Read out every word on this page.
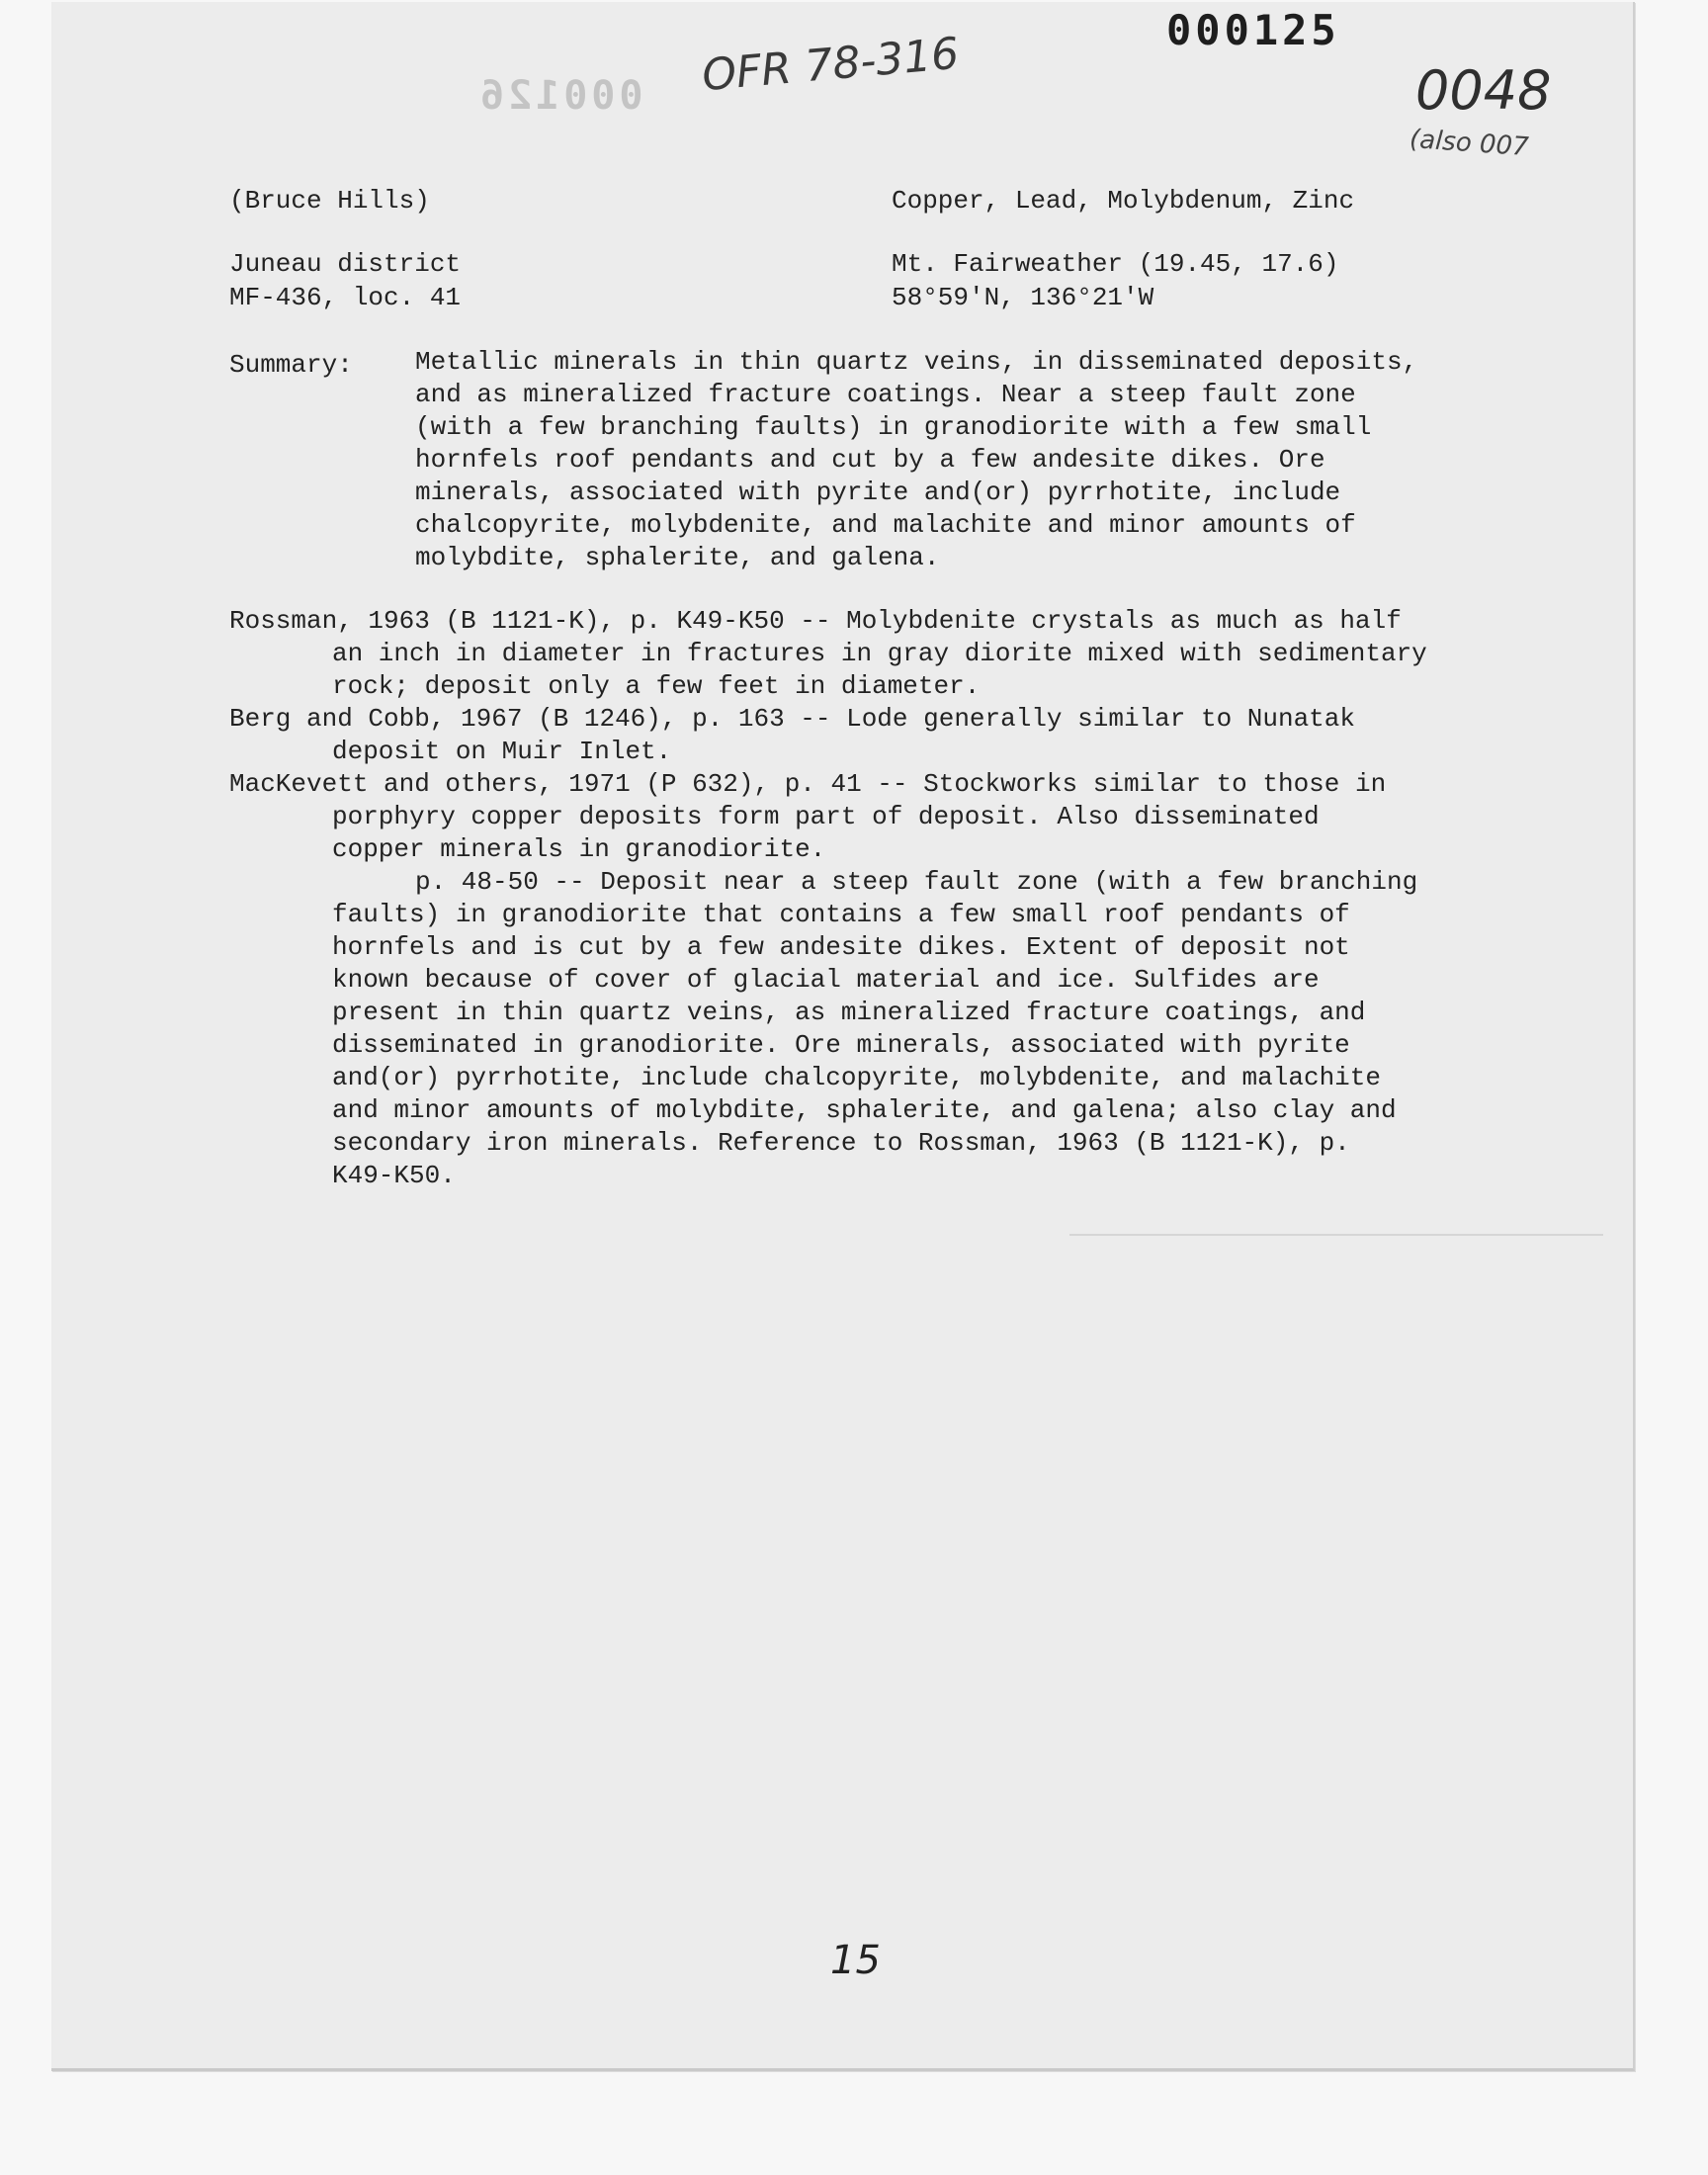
000125
000126 OFR 78-316	0048
(also 007
(Bruce Hills)	Copper, Lead, Molybdenum, Zinc
Juneau district	Mt. Fairweather (19.45, 17.6)
MF-436, loc. 41	58°59'N, 136°21'W
Summary: Metallic minerals in thin quartz veins, in disseminated deposits,
and as mineralized fracture coatings. Near a steep fault zone
(with a few branching faults) in granodiorite with a few small
hornfels roof pendants and cut by a few andesite dikes. Ore
minerals, associated with pyrite and(or) pyrrhotite, include
chalcopyrite, molybdenite, and malachite and minor amounts of
molybdite, sphalerite, and galena.
Rossman, 1963 (B 1121-K), p. K49-K50 -- Molybdenite crystals as much as half
an inch in diameter in fractures in gray diorite mixed with sedimentary
rock; deposit only a few feet in diameter.
Berg and Cobb, 1967 (B 1246), p. 163 -- Lode generally similar to Nunatak
deposit on Muir Inlet.
MacKevett and others, 1971 (P 632), p. 41 -- Stockworks similar to those in
porphyry copper deposits form part of deposit. Also disseminated
copper minerals in granodiorite.
p. 48-50 -- Deposit near a steep fault zone (with a few branching
faults) in granodiorite that contains a few small roof pendants of
hornfels and is cut by a few andesite dikes. Extent of deposit not
known because of cover of glacial material and ice. Sulfides are
present in thin quartz veins, as mineralized fracture coatings, and
disseminated in granodiorite. Ore minerals, associated with pyrite
and(or) pyrrhotite, include chalcopyrite, molybdenite, and malachite
and minor amounts of molybdite, sphalerite, and galena; also clay and
secondary iron minerals. Reference to Rossman, 1963 (B 1121-K), p.
K49-K50.
15
